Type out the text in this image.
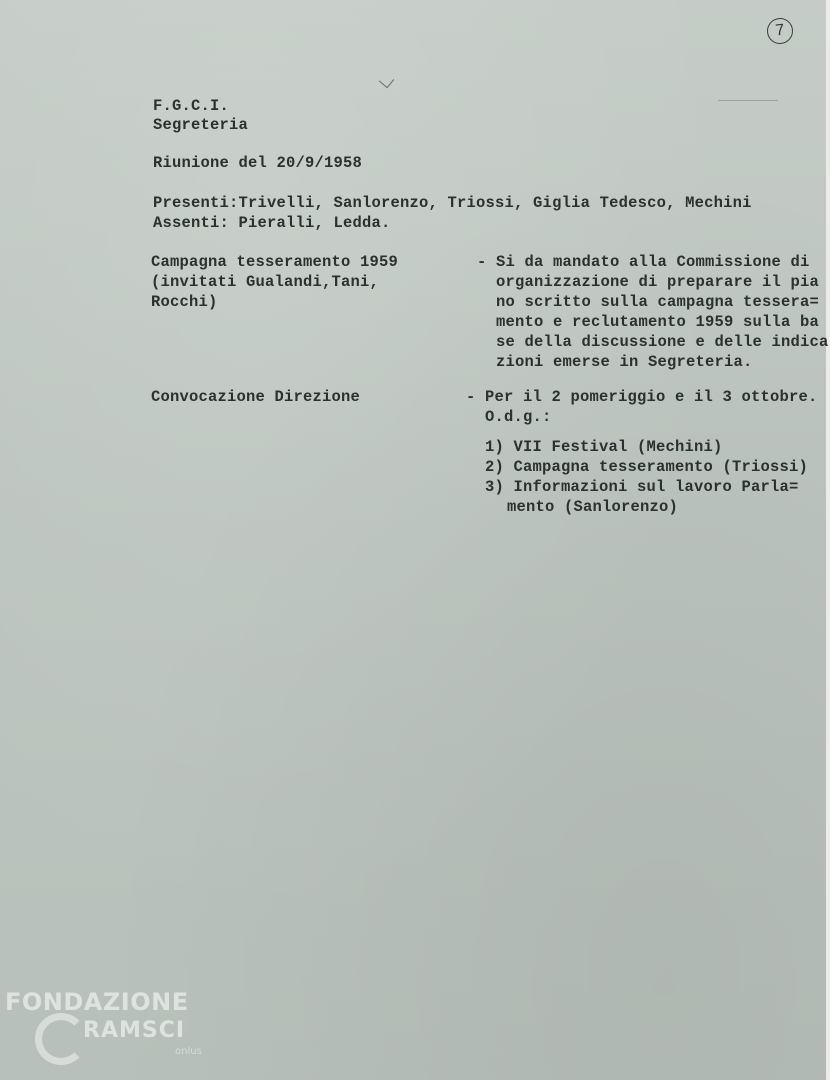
7
F.G.C.I.
Segreteria
Riunione del 20/9/1958
Presenti:Trivelli, Sanlorenzo, Triossi, Giglia Tedesco, Mechini
Assenti: Pieralli, Ledda.
Campagna tesseramento 1959
(invitati Gualandi,Tani,
Rocchi)
- Si da mandato alla Commissione di
organizzazione di preparare il pia
no scritto sulla campagna tessera=
mento e reclutamento 1959 sulla ba
se della discussione e delle indica
zioni emerse in Segreteria.
Convocazione Direzione	- Per il 2 pomeriggio e il 3 ottobre.
O.d.g.:
1) VII Festival (Mechini)
2) Campagna tesseramento (Triossi)
3) Informazioni sul lavoro Parla=
mento (Sanlorenzo)
FONDAZIONE
RAMSCI
onlus
